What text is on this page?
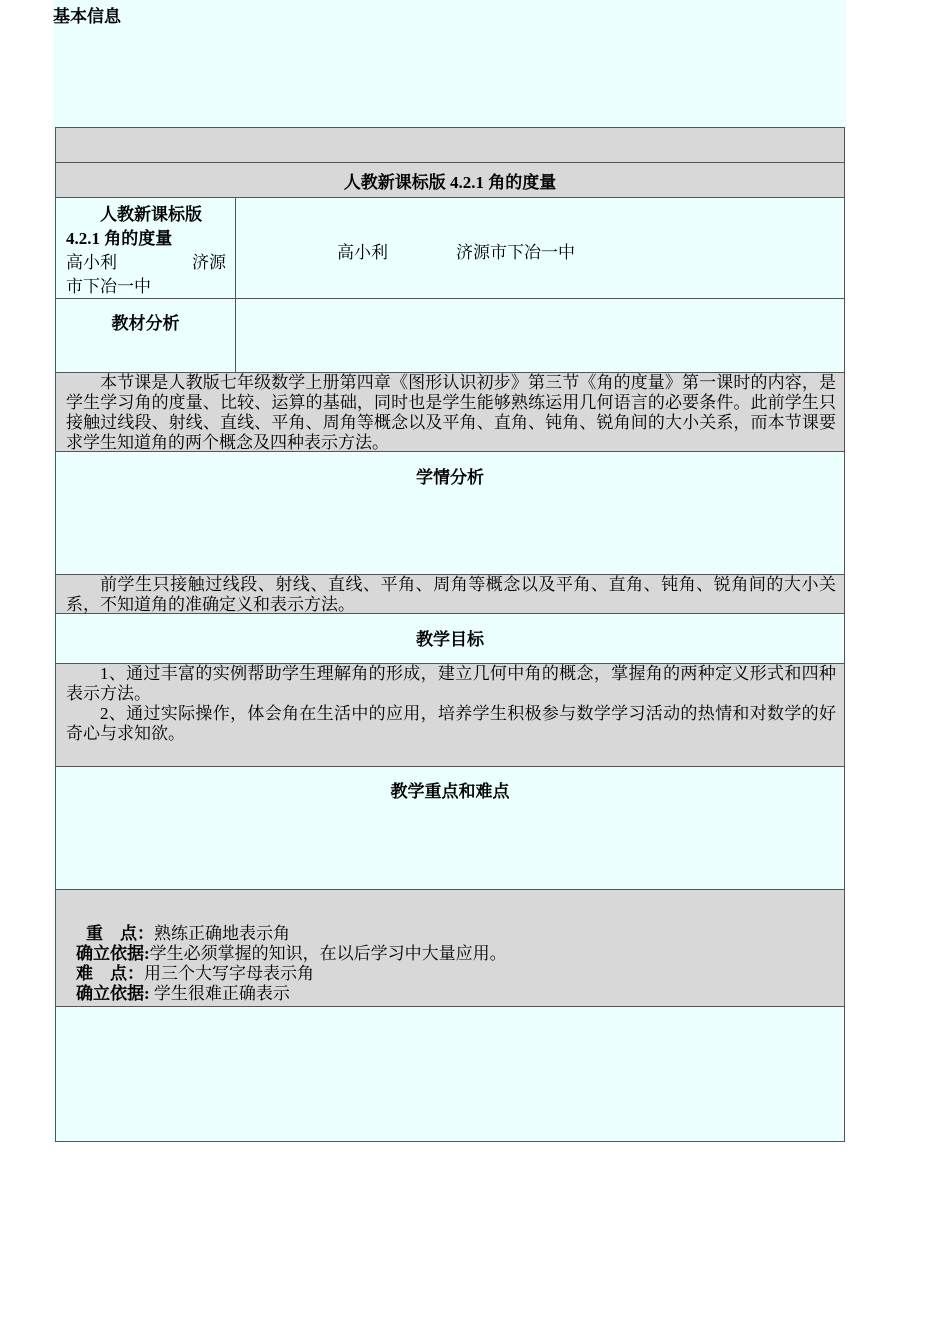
基本信息
人教新课标版 4.2.1 角的度量
人教新课标版
4.2.1 角的度量
高小利	济源
市下冶一中
高小利	济源市下冶一中
教材分析
本节课是人教版七年级数学上册第四章《图形认识初步》第三节《角的度量》第一课时的内容，是学生学习角的度量、比较、运算的基础，同时也是学生能够熟练运用几何语言的必要条件。此前学生只接触过线段、射线、直线、平角、周角等概念以及平角、直角、钝角、锐角间的大小关系，而本节课要求学生知道角的两个概念及四种表示方法。
学情分析
前学生只接触过线段、射线、直线、平角、周角等概念以及平角、直角、钝角、锐角间的大小关系，不知道角的准确定义和表示方法。
教学目标
1、通过丰富的实例帮助学生理解角的形成，建立几何中角的概念，掌握角的两种定义形式和四种表示方法。
2、通过实际操作，体会角在生活中的应用，培养学生积极参与数学学习活动的热情和对数学的好奇心与求知欲。
教学重点和难点
重　点：熟练正确地表示角
确立依据:学生必须掌握的知识，在以后学习中大量应用。
难　点：用三个大写字母表示角
确立依据: 学生很难正确表示
